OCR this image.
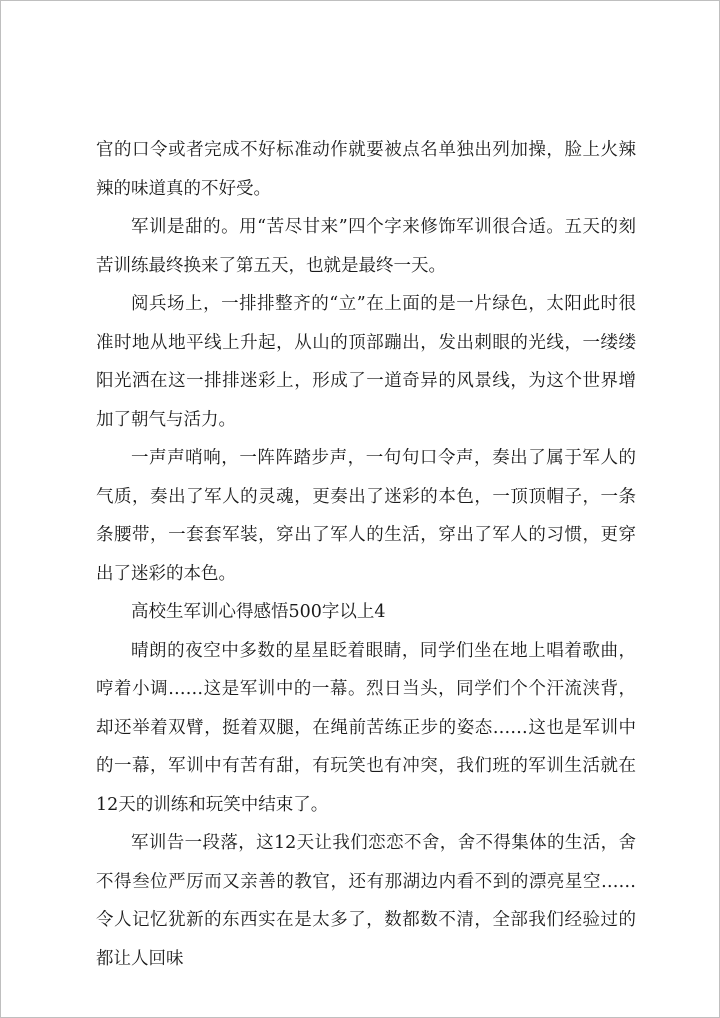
官的口令或者完成不好标准动作就要被点名单独出列加操，脸上火辣辣的味道真的不好受。

军训是甜的。用“苦尽甘来”四个字来修饰军训很合适。五天的刻苦训练最终换来了第五天，也就是最终一天。

阅兵场上，一排排整齐的“立”在上面的是一片绿色，太阳此时很准时地从地平线上升起，从山的顶部蹦出，发出刺眼的光线，一缕缕阳光洒在这一排排迷彩上，形成了一道奇异的风景线，为这个世界增加了朝气与活力。

一声声哨响，一阵阵踏步声，一句句口令声，奏出了属于军人的气质，奏出了军人的灵魂，更奏出了迷彩的本色，一顶顶帽子，一条条腰带，一套套军装，穿出了军人的生活，穿出了军人的习惯，更穿出了迷彩的本色。

高校生军训心得感悟500字以上4

晴朗的夜空中多数的星星眨着眼睛，同学们坐在地上唱着歌曲，哼着小调……这是军训中的一幕。烈日当头，同学们个个汗流浃背，却还举着双臂，挺着双腿，在绳前苦练正步的姿态……这也是军训中的一幕，军训中有苦有甜，有玩笑也有冲突，我们班的军训生活就在12天的训练和玩笑中结束了。

军训告一段落，这12天让我们恋恋不舍，舍不得集体的生活，舍不得叁位严厉而又亲善的教官，还有那湖边内看不到的漂亮星空……令人记忆犹新的东西实在是太多了，数都数不清，全部我们经验过的都让人回味
